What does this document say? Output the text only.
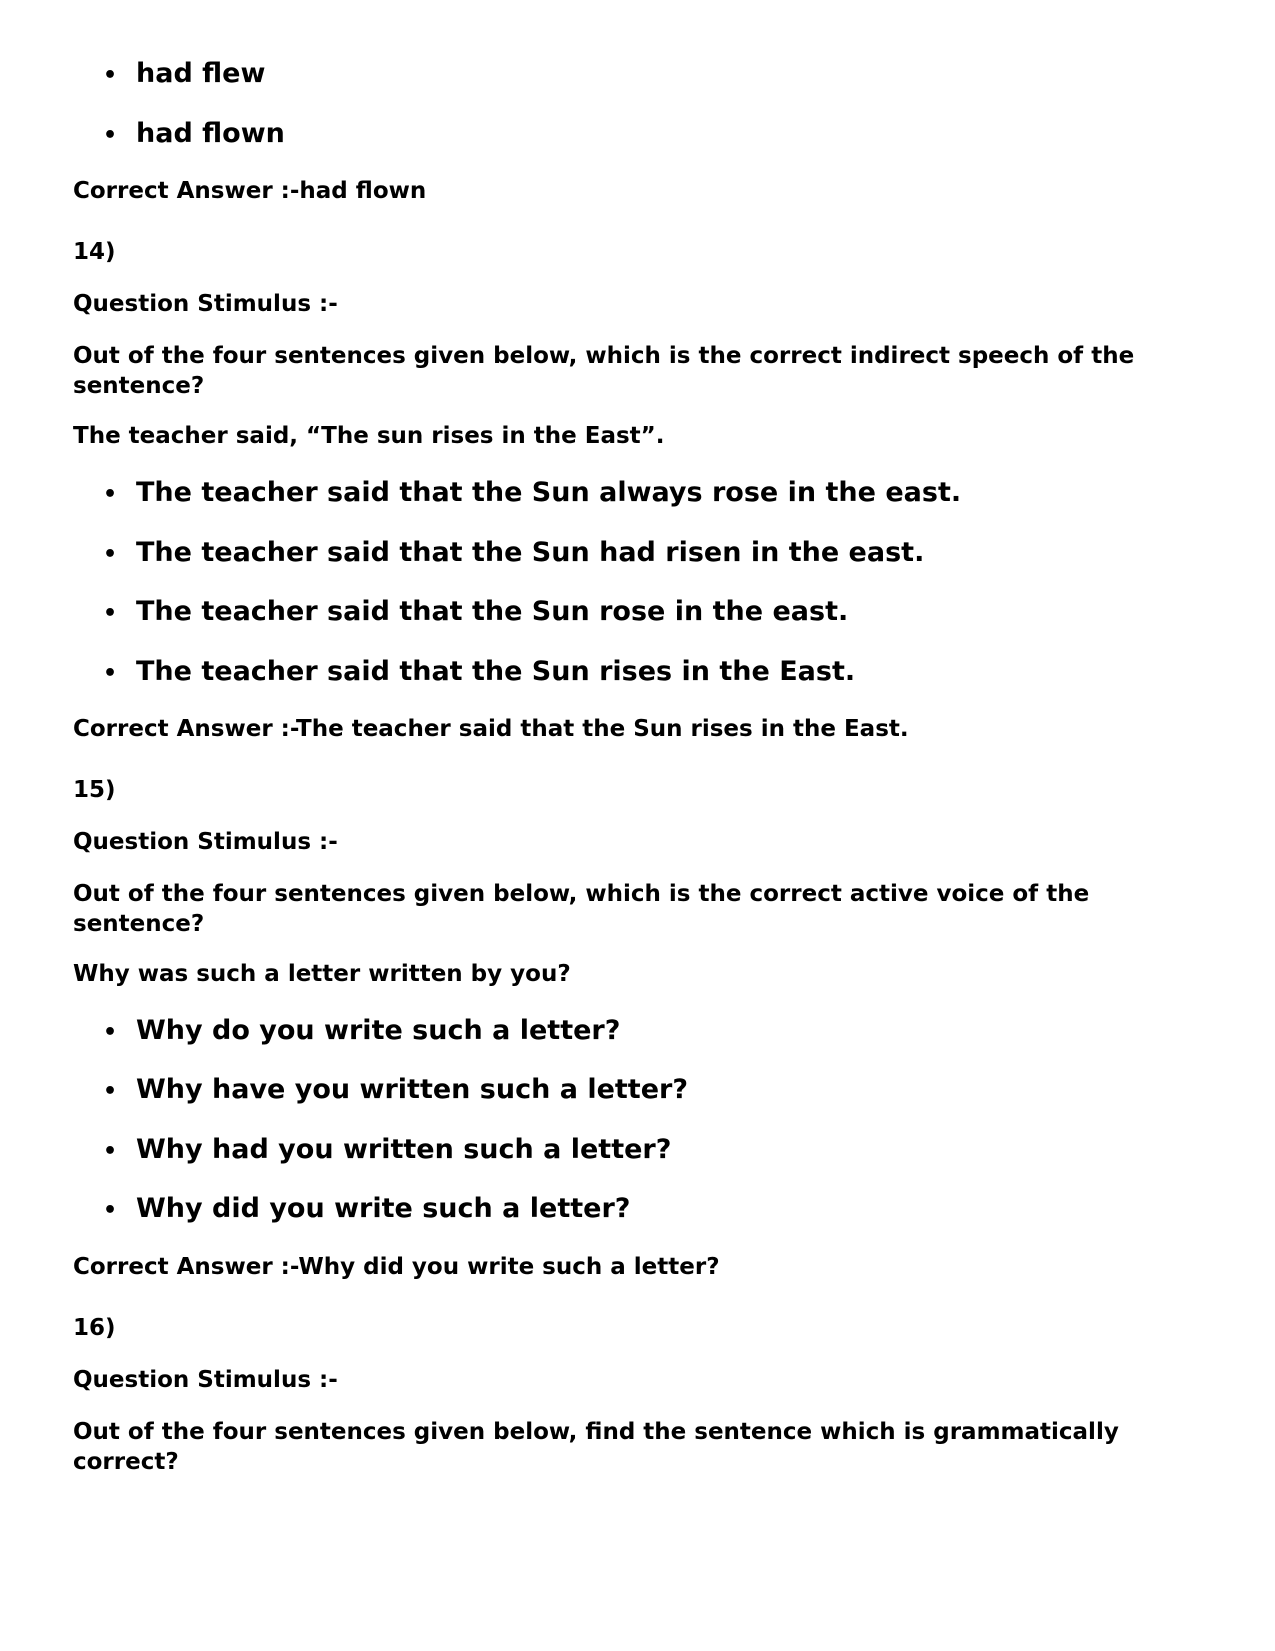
• had flew
• had flown
Correct Answer :-had flown
14)
Question Stimulus :-
Out of the four sentences given below, which is the correct indirect speech of the sentence?
The teacher said, “The sun rises in the East”.
• The teacher said that the Sun always rose in the east.
• The teacher said that the Sun had risen in the east.
• The teacher said that the Sun rose in the east.
• The teacher said that the Sun rises in the East.
Correct Answer :-The teacher said that the Sun rises in the East.
15)
Question Stimulus :-
Out of the four sentences given below, which is the correct active voice of the sentence?
Why was such a letter written by you?
• Why do you write such a letter?
• Why have you written such a letter?
• Why had you written such a letter?
• Why did you write such a letter?
Correct Answer :-Why did you write such a letter?
16)
Question Stimulus :-
Out of the four sentences given below, find the sentence which is grammatically correct?
